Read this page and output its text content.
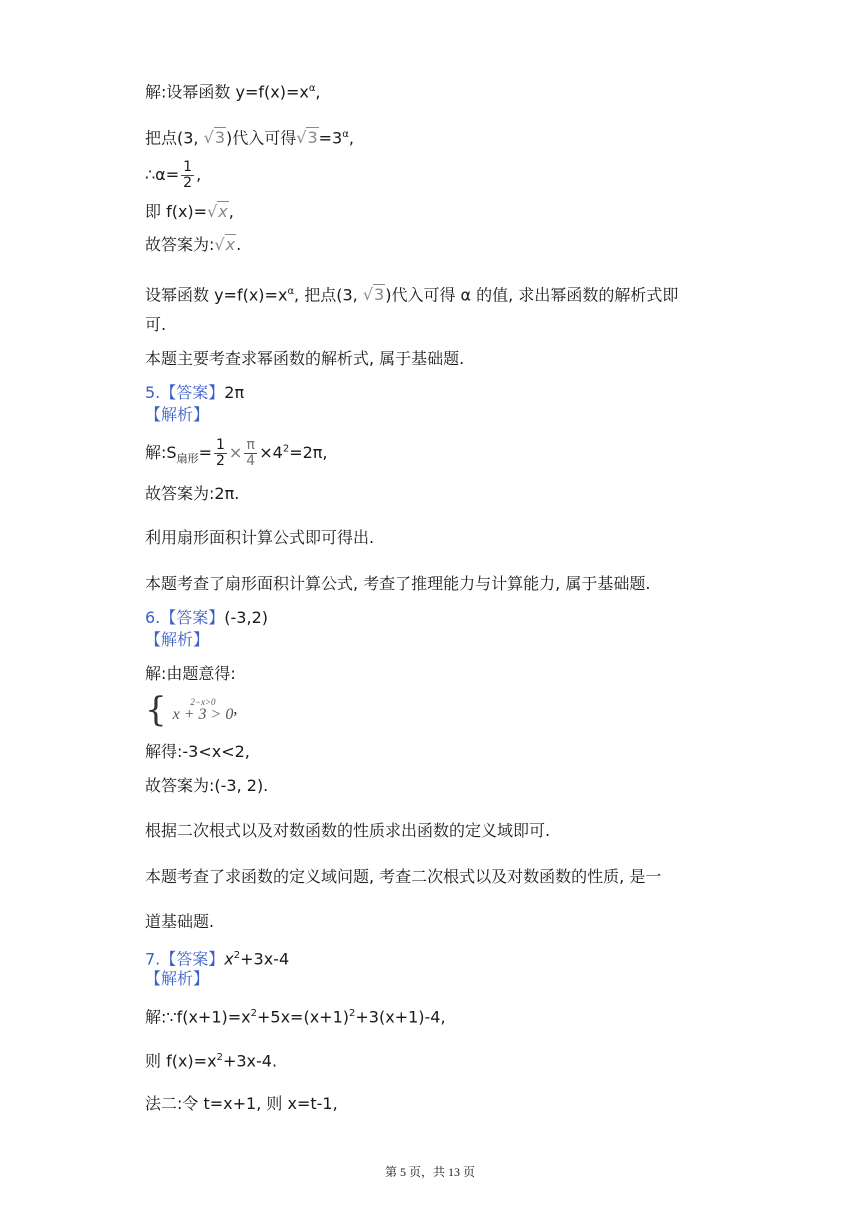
解:设幂函数 $y=f(x)=x^\alpha$,
把点(3, √3)代入可得$√3=3^\alpha$,
∴α= $\frac{1}{2}$ ,
即 f(x)=√x,
故答案为:√x.
设幂函数 $y=f(x)=x^\alpha$, 把点(3, √3)代入可得 α 的值, 求出幂函数的解析式即
可.
本题主要考查求幂函数的解析式, 属于基础题.
5.【答案】2π
【解析】
解$:S_{扇形}= \frac{1}{2} \times \frac{\pi}{4} \times 4^2=2\pi$,
故答案为:2π.
利用扇形面积计算公式即可得出.
本题考查了扇形面积计算公式, 考查了推理能力与计算能力, 属于基础题.
6.【答案】(-3,2)
【解析】
解:由题意得:
{	2−x>0
x + 3 > 0 ,
解得:-3<x<2,
故答案为:(-3, 2).
根据二次根式以及对数函数的性质求出函数的定义域即可.
本题考查了求函数的定义域问题, 考查二次根式以及对数函数的性质, 是一
道基础题.
7.【答案】$x^2+3x-4$
【解析】
解$:\because f(x+1)=x^2+5x=(x+1)^2+3(x+1)-4$,
则 $f(x)=x^2+3x-4$.
法二:令 t=x+1, 则 x=t-1,
第 5 页，共 13 页
